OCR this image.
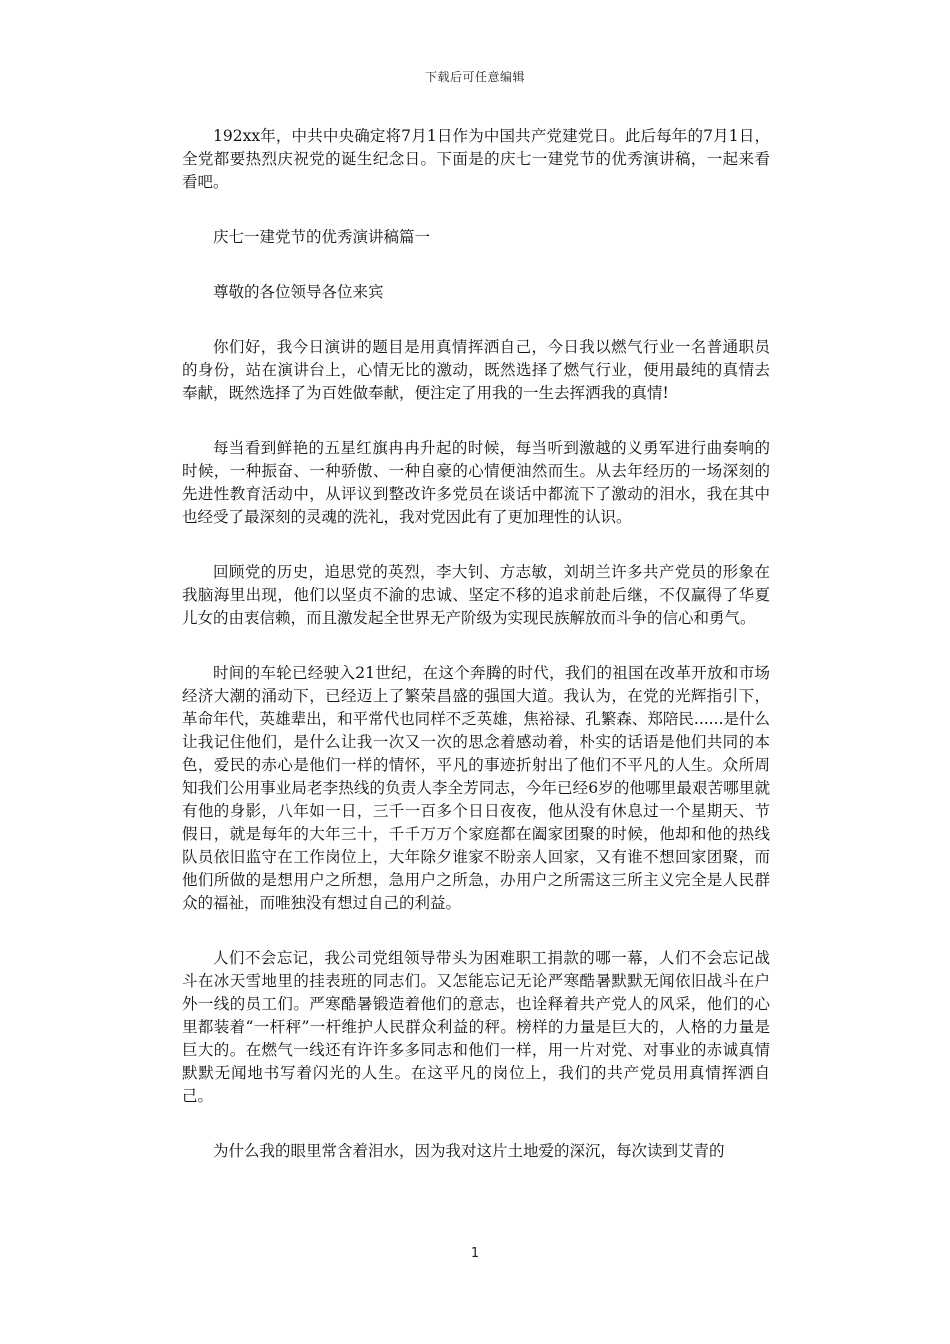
下载后可任意编辑

192xx年，中共中央确定将7月1日作为中国共产党建党日。此后每年的7月1日，全党都要热烈庆祝党的诞生纪念日。下面是的庆七一建党节的优秀演讲稿，一起来看看吧。

庆七一建党节的优秀演讲稿篇一

尊敬的各位领导各位来宾

你们好，我今日演讲的题目是用真情挥洒自己，今日我以燃气行业一名普通职员的身份，站在演讲台上，心情无比的激动，既然选择了燃气行业，便用最纯的真情去奉献，既然选择了为百姓做奉献，便注定了用我的一生去挥洒我的真情!

每当看到鲜艳的五星红旗冉冉升起的时候，每当听到激越的义勇军进行曲奏响的时候，一种振奋、一种骄傲、一种自豪的心情便油然而生。从去年经历的一场深刻的先进性教育活动中，从评议到整改许多党员在谈话中都流下了激动的泪水，我在其中也经受了最深刻的灵魂的洗礼，我对党因此有了更加理性的认识。

回顾党的历史，追思党的英烈，李大钊、方志敏，刘胡兰许多共产党员的形象在我脑海里出现，他们以坚贞不渝的忠诚、坚定不移的追求前赴后继，不仅赢得了华夏儿女的由衷信赖，而且激发起全世界无产阶级为实现民族解放而斗争的信心和勇气。

时间的车轮已经驶入21世纪，在这个奔腾的时代，我们的祖国在改革开放和市场经济大潮的涌动下，已经迈上了繁荣昌盛的强国大道。我认为，在党的光辉指引下，革命年代，英雄辈出，和平常代也同样不乏英雄，焦裕禄、孔繁森、郑陪民......是什么让我记住他们，是什么让我一次又一次的思念着感动着，朴实的话语是他们共同的本色，爱民的赤心是他们一样的情怀，平凡的事迹折射出了他们不平凡的人生。众所周知我们公用事业局老李热线的负责人李全芳同志，今年已经6岁的他哪里最艰苦哪里就有他的身影，八年如一日，三千一百多个日日夜夜，他从没有休息过一个星期天、节假日，就是每年的大年三十，千千万万个家庭都在阖家团聚的时候，他却和他的热线队员依旧监守在工作岗位上，大年除夕谁家不盼亲人回家，又有谁不想回家团聚，而他们所做的是想用户之所想，急用户之所急，办用户之所需这三所主义完全是人民群众的福祉，而唯独没有想过自己的利益。

人们不会忘记，我公司党组领导带头为困难职工捐款的哪一幕，人们不会忘记战斗在冰天雪地里的挂表班的同志们。又怎能忘记无论严寒酷暑默默无闻依旧战斗在户外一线的员工们。严寒酷暑锻造着他们的意志，也诠释着共产党人的风采，他们的心里都装着“一杆秤”一杆维护人民群众利益的秤。榜样的力量是巨大的，人格的力量是巨大的。在燃气一线还有许许多多同志和他们一样，用一片对党、对事业的赤诚真情默默无闻地书写着闪光的人生。在这平凡的岗位上，我们的共产党员用真情挥洒自己。

为什么我的眼里常含着泪水，因为我对这片土地爱的深沉，每次读到艾青的

1
